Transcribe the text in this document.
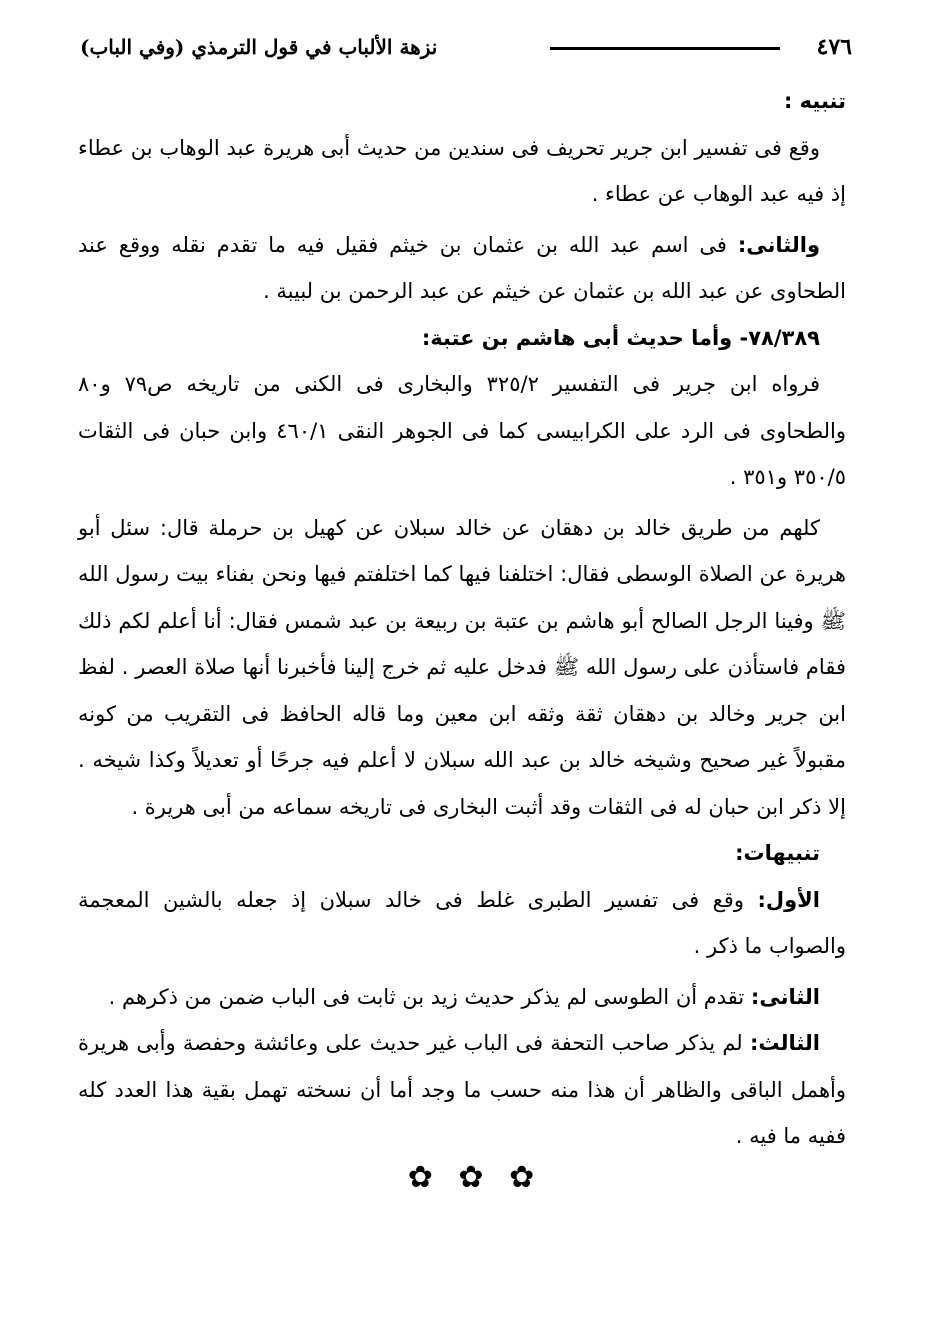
٤٧٦
نزهة الألباب في قول الترمذي (وفي الباب)

تنبيه :

وقع فى تفسير ابن جرير تحريف فى سندين من حديث أبى هريرة عبد الوهاب بن عطاء إذ فيه عبد الوهاب عن عطاء .

والثانى: فى اسم عبد الله بن عثمان بن خيثم فقيل فيه ما تقدم نقله ووقع عند الطحاوى عن عبد الله بن عثمان عن خيثم عن عبد الرحمن بن لبيبة .

٧٨/٣٨٩- وأما حديث أبى هاشم بن عتبة:

فرواه ابن جرير فى التفسير ٣٢٥/٢ والبخارى فى الكنى من تاريخه ص٧٩ و٨٠ والطحاوى فى الرد على الكرابيسى كما فى الجوهر النقى ٤٦٠/١ وابن حبان فى الثقات ٣٥٠/٥ و٣٥١ .

كلهم من طريق خالد بن دهقان عن خالد سبلان عن كهيل بن حرملة قال: سئل أبو هريرة عن الصلاة الوسطى فقال: اختلفنا فيها كما اختلفتم فيها ونحن بفناء بيت رسول الله ﷺ وفينا الرجل الصالح أبو هاشم بن عتبة بن ربيعة بن عبد شمس فقال: أنا أعلم لكم ذلك فقام فاستأذن على رسول الله ﷺ فدخل عليه ثم خرج إلينا فأخبرنا أنها صلاة العصر . لفظ ابن جرير وخالد بن دهقان ثقة وثقه ابن معين وما قاله الحافظ فى التقريب من كونه مقبولاً غير صحيح وشيخه خالد بن عبد الله سبلان لا أعلم فيه جرحًا أو تعديلاً وكذا شيخه . إلا ذكر ابن حبان له فى الثقات وقد أثبت البخارى فى تاريخه سماعه من أبى هريرة .

تنبيهات:

الأول: وقع فى تفسير الطبرى غلط فى خالد سبلان إذ جعله بالشين المعجمة والصواب ما ذكر .

الثانى: تقدم أن الطوسى لم يذكر حديث زيد بن ثابت فى الباب ضمن من ذكرهم .

الثالث: لم يذكر صاحب التحفة فى الباب غير حديث على وعائشة وحفصة وأبى هريرة وأهمل الباقى والظاهر أن هذا منه حسب ما وجد أما أن نسخته تهمل بقية هذا العدد كله ففيه ما فيه .

✿ ✿ ✿
